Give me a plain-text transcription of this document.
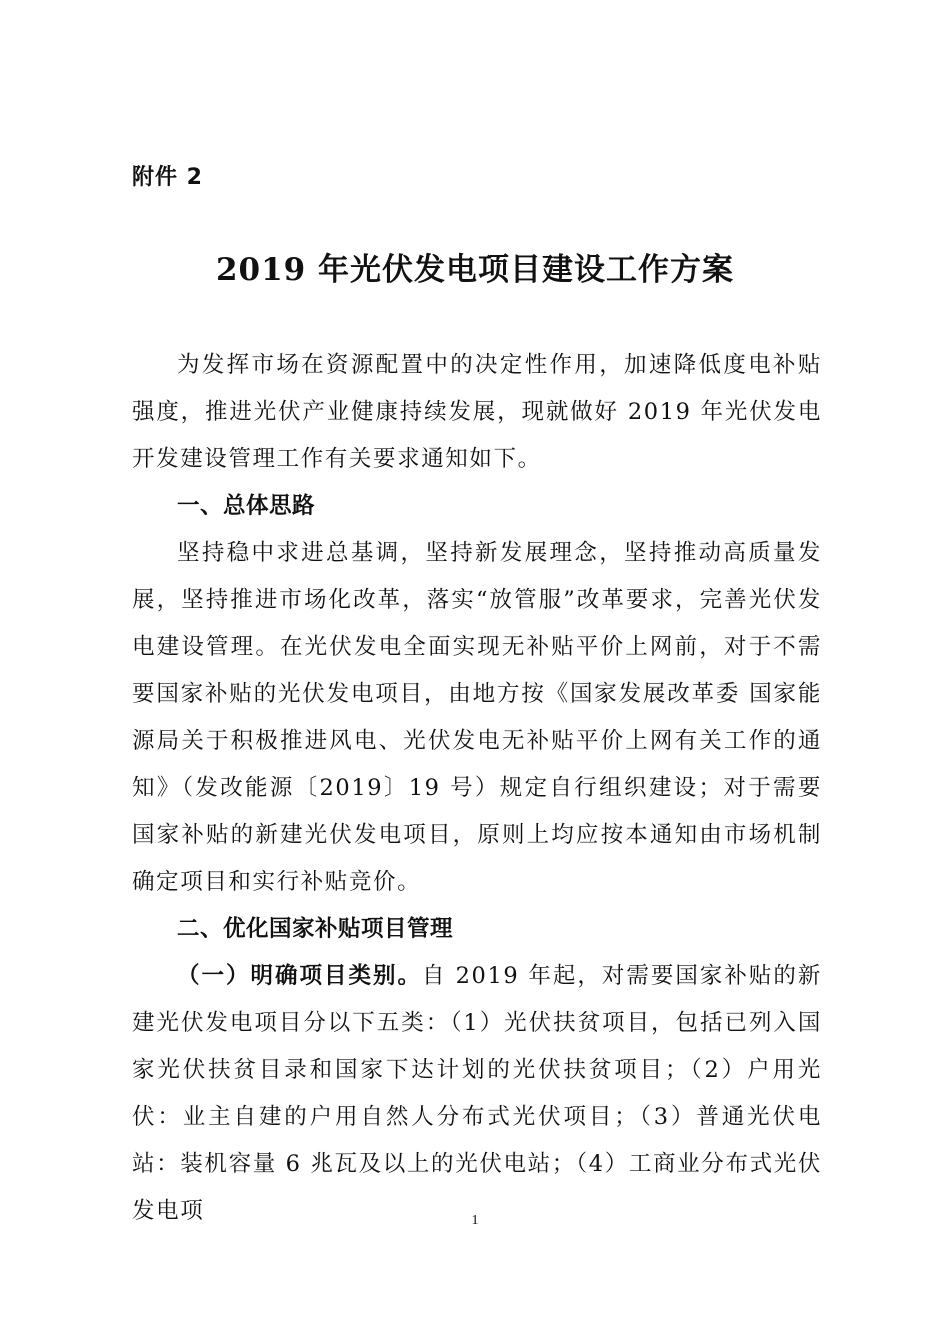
附件 2
2019 年光伏发电项目建设工作方案

为发挥市场在资源配置中的决定性作用，加速降低度电补贴强度，推进光伏产业健康持续发展，现就做好 2019 年光伏发电开发建设管理工作有关要求通知如下。

一、总体思路

坚持稳中求进总基调，坚持新发展理念，坚持推动高质量发展，坚持推进市场化改革，落实“放管服”改革要求，完善光伏发电建设管理。在光伏发电全面实现无补贴平价上网前，对于不需要国家补贴的光伏发电项目，由地方按《国家发展改革委 国家能源局关于积极推进风电、光伏发电无补贴平价上网有关工作的通知》（发改能源〔2019〕19 号）规定自行组织建设；对于需要国家补贴的新建光伏发电项目，原则上均应按本通知由市场机制确定项目和实行补贴竞价。

二、优化国家补贴项目管理

（一）明确项目类别。自 2019 年起，对需要国家补贴的新建光伏发电项目分以下五类：（1）光伏扶贫项目，包括已列入国家光伏扶贫目录和国家下达计划的光伏扶贫项目；（2）户用光伏：业主自建的户用自然人分布式光伏项目；（3）普通光伏电站：装机容量 6 兆瓦及以上的光伏电站；（4）工商业分布式光伏发电项	1
